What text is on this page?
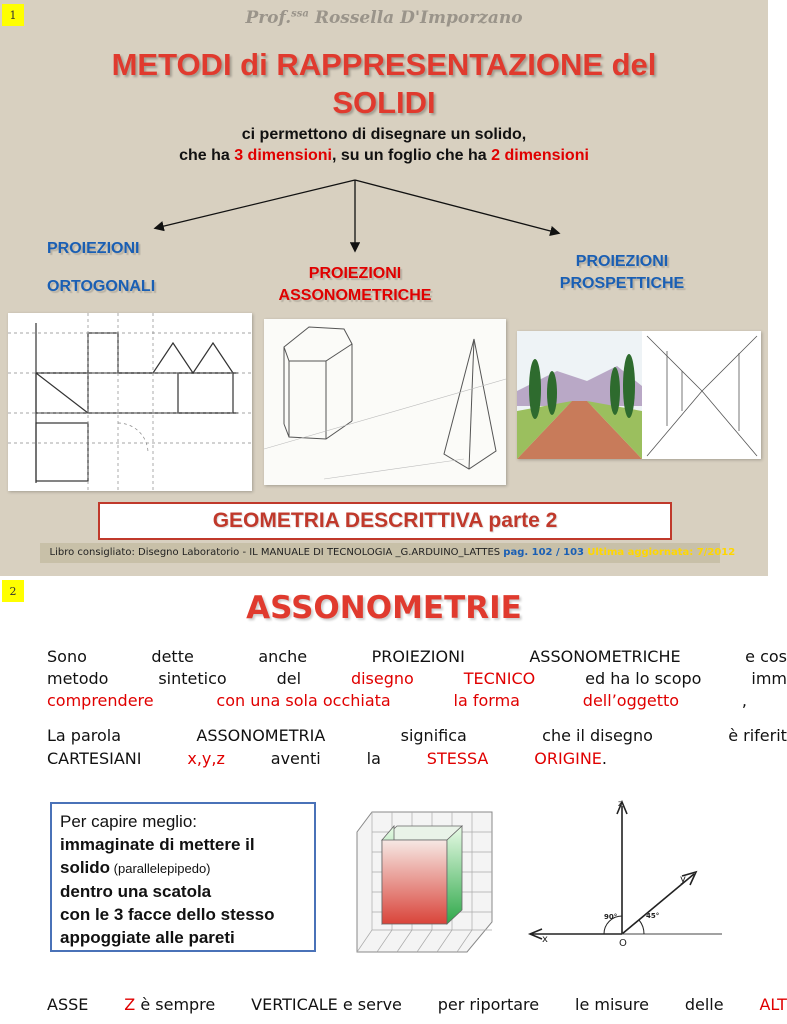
1	Prof.$^{ssa}$ Rossella D'Imporzano
METODI di RAPPRESENTAZIONE del
SOLIDI
ci permettono di disegnare un solido,
che ha 3 dimensioni, su un foglio che ha 2 dimensioni
PROIEZIONI
ORTOGONALI
PROIEZIONI
ASSONOMETRICHE
PROIEZIONI
PROSPETTICHE
GEOMETRIA DESCRITTIVA parte 2
Libro consigliato: Disegno Laboratorio - IL MANUALE DI TECNOLOGIA _G.ARDUINO_LATTES pag. 102 / 103 Ultima aggiornata: 7/2012
2	ASSONOMETRIE
Sono	dette	anche	PROIEZIONI	ASSONOMETRICHE	e cos
metodo	sintetico	del	disegno	TECNICO	ed ha lo scopo	imm
comprendere	con una sola occhiata	la forma	dell’oggetto	,
La parola	ASSONOMETRIA	significa	che il disegno	è riferit
CARTESIANI	x,y,z	aventi	la	STESSA	ORIGINE.
Per capire meglio:
immaginate di mettere il
solido (parallelepipedo)
dentro una scatola
con le 3 facce dello stesso
appoggiate alle pareti
z
y
x	O
90°	45°
ASSE Z è sempre VERTICALE e serve per riportare le misure delle ALT
